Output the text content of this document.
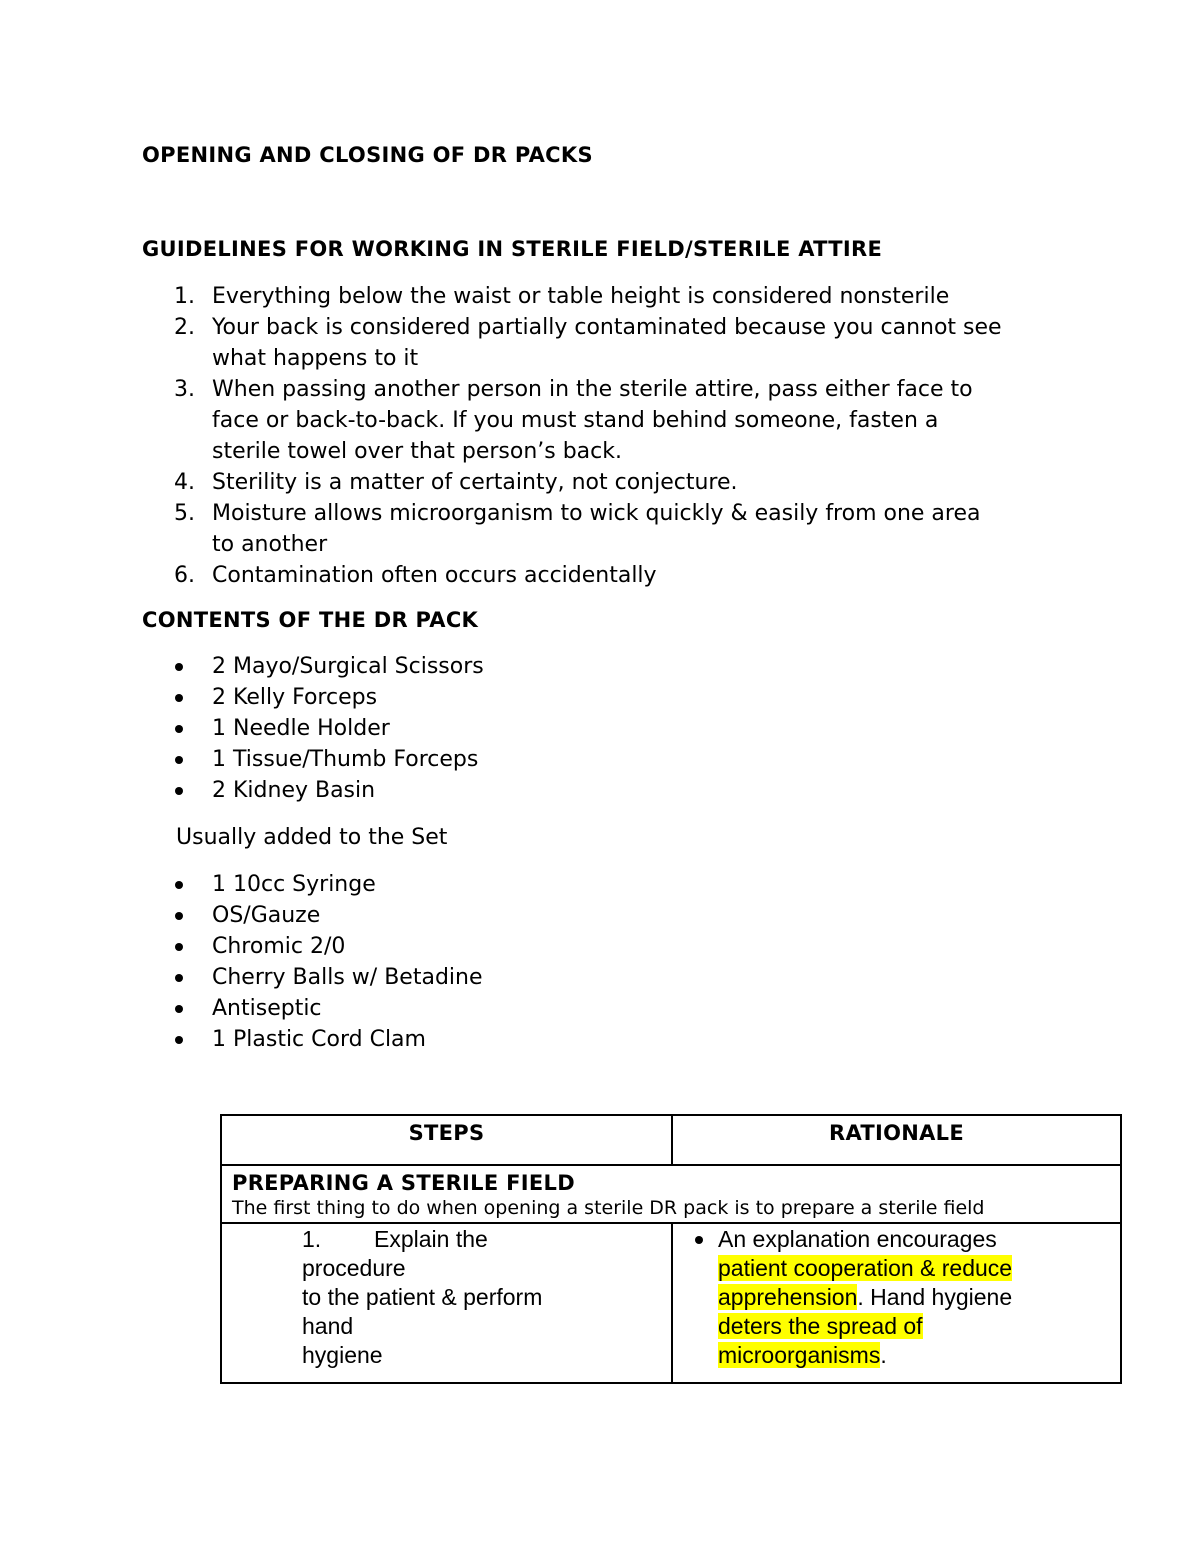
OPENING AND CLOSING OF DR PACKS
GUIDELINES FOR WORKING IN STERILE FIELD/STERILE ATTIRE
1. Everything below the waist or table height is considered nonsterile
2. Your back is considered partially contaminated because you cannot see
what happens to it
3. When passing another person in the sterile attire, pass either face to
face or back-to-back. If you must stand behind someone, fasten a
sterile towel over that person’s back.
4. Sterility is a matter of certainty, not conjecture.
5. Moisture allows microorganism to wick quickly & easily from one area
to another
6. Contamination often occurs accidentally
CONTENTS OF THE DR PACK
2 Mayo/Surgical Scissors
2 Kelly Forceps
1 Needle Holder
1 Tissue/Thumb Forceps
2 Kidney Basin

Usually added to the Set

1 10cc Syringe
OS/Gauze
Chromic 2/0
Cherry Balls w/ Betadine
Antiseptic
1 Plastic Cord Clam
STEPS	RATIONALE

PREPARING A STERILE FIELD
The first thing to do when opening a sterile DR pack is to prepare a sterile field	

1. Explain the procedure
to the patient & perform hand
hygiene	An explanation encourages
patient cooperation & reduce
apprehension. Hand hygiene
deters the spread of
microorganisms.
